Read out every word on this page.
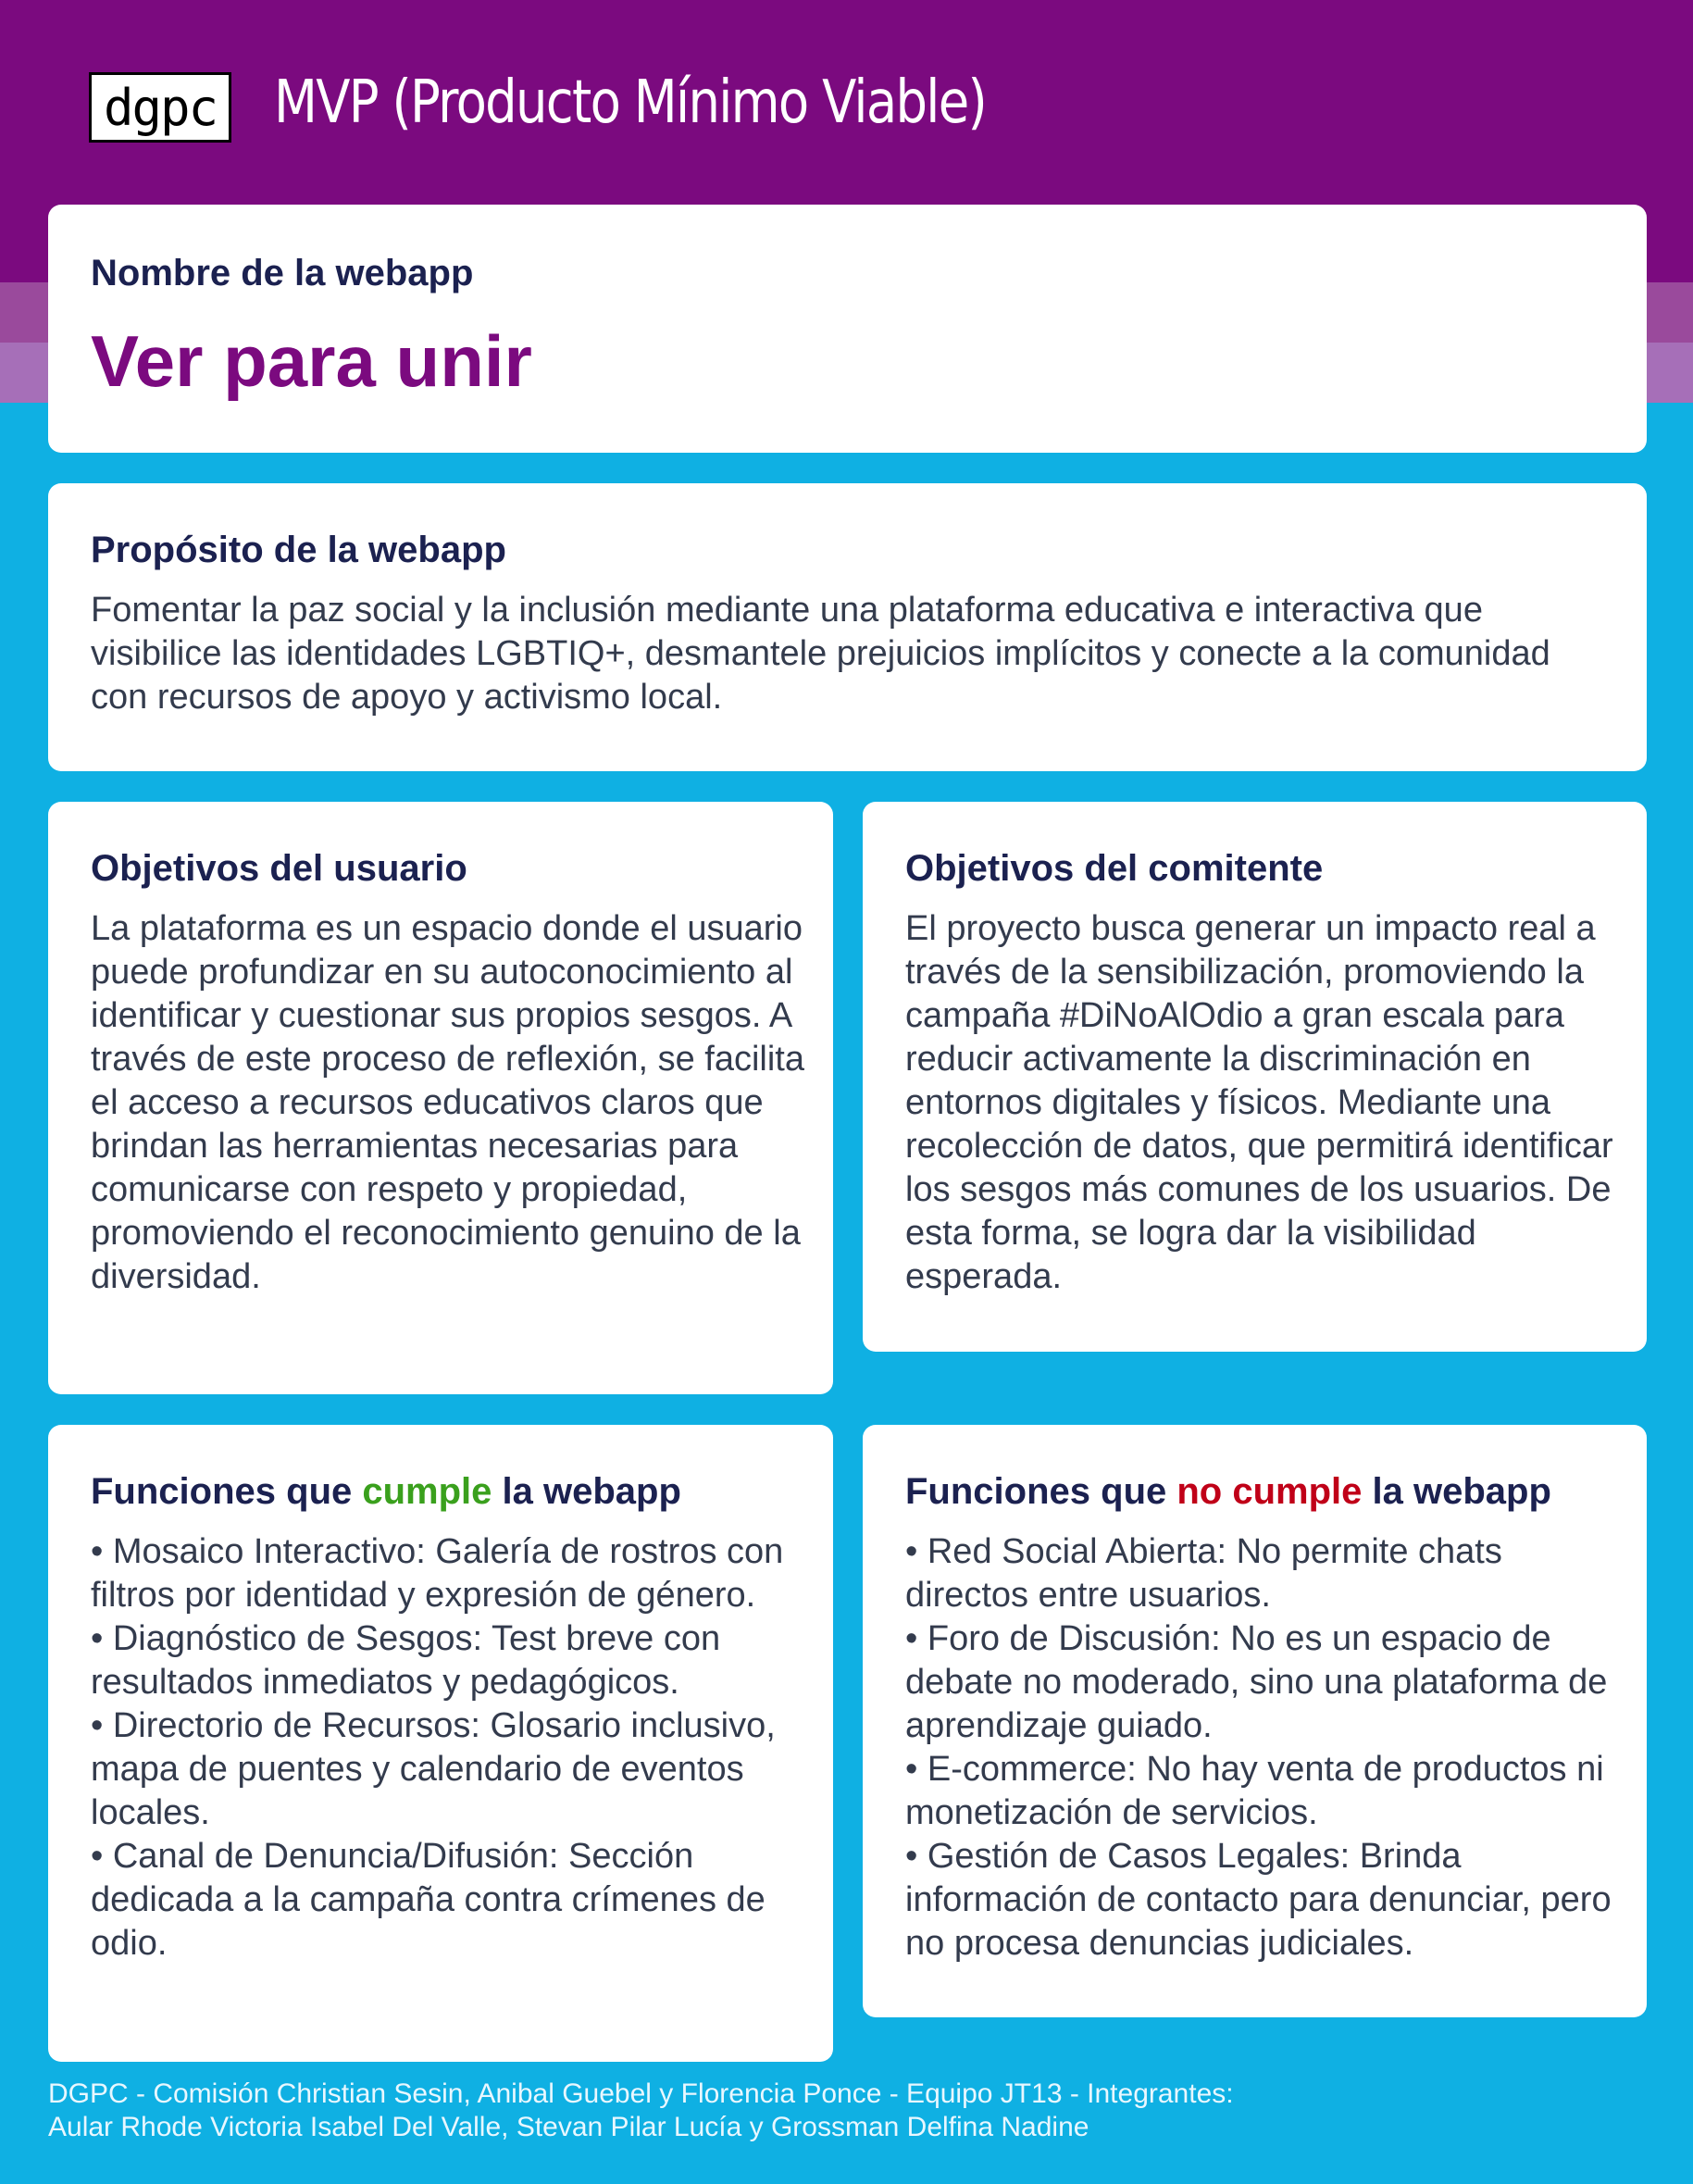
dgpc MVP (Producto Mínimo Viable)
Nombre de la webapp
Ver para unir
Propósito de la webapp

Fomentar la paz social y la inclusión mediante una plataforma educativa e interactiva que visibilice las identidades LGBTIQ+, desmantele prejuicios implícitos y conecte a la comunidad con recursos de apoyo y activismo local.

Objetivos del usuario

La plataforma es un espacio donde el usuario puede profundizar en su autoconocimiento al identificar y cuestionar sus propios sesgos. A través de este proceso de reflexión, se facilita el acceso a recursos educativos claros que brindan las herramientas necesarias para comunicarse con respeto y propiedad, promoviendo el reconocimiento genuino de la diversidad.

Objetivos del comitente

El proyecto busca generar un impacto real a través de la sensibilización, promoviendo la campaña #DiNoAlOdio a gran escala para reducir activamente la discriminación en entornos digitales y físicos. Mediante una recolección de datos, que permitirá identificar los sesgos más comunes de los usuarios. De esta forma, se logra dar la visibilidad esperada.

Funciones que cumple la webapp
• Mosaico Interactivo: Galería de rostros con filtros por identidad y expresión de género.
• Diagnóstico de Sesgos: Test breve con resultados inmediatos y pedagógicos.
• Directorio de Recursos: Glosario inclusivo, mapa de puentes y calendario de eventos locales.
• Canal de Denuncia/Difusión: Sección dedicada a la campaña contra crímenes de odio.
Funciones que no cumple la webapp
• Red Social Abierta: No permite chats directos entre usuarios.
• Foro de Discusión: No es un espacio de debate no moderado, sino una plataforma de aprendizaje guiado.
• E-commerce: No hay venta de productos ni monetización de servicios.
• Gestión de Casos Legales: Brinda información de contacto para denunciar, pero no procesa denuncias judiciales.
DGPC - Comisión Christian Sesin, Anibal Guebel y Florencia Ponce - Equipo JT13 - Integrantes:
Aular Rhode Victoria Isabel Del Valle, Stevan Pilar Lucía y Grossman Delfina Nadine
